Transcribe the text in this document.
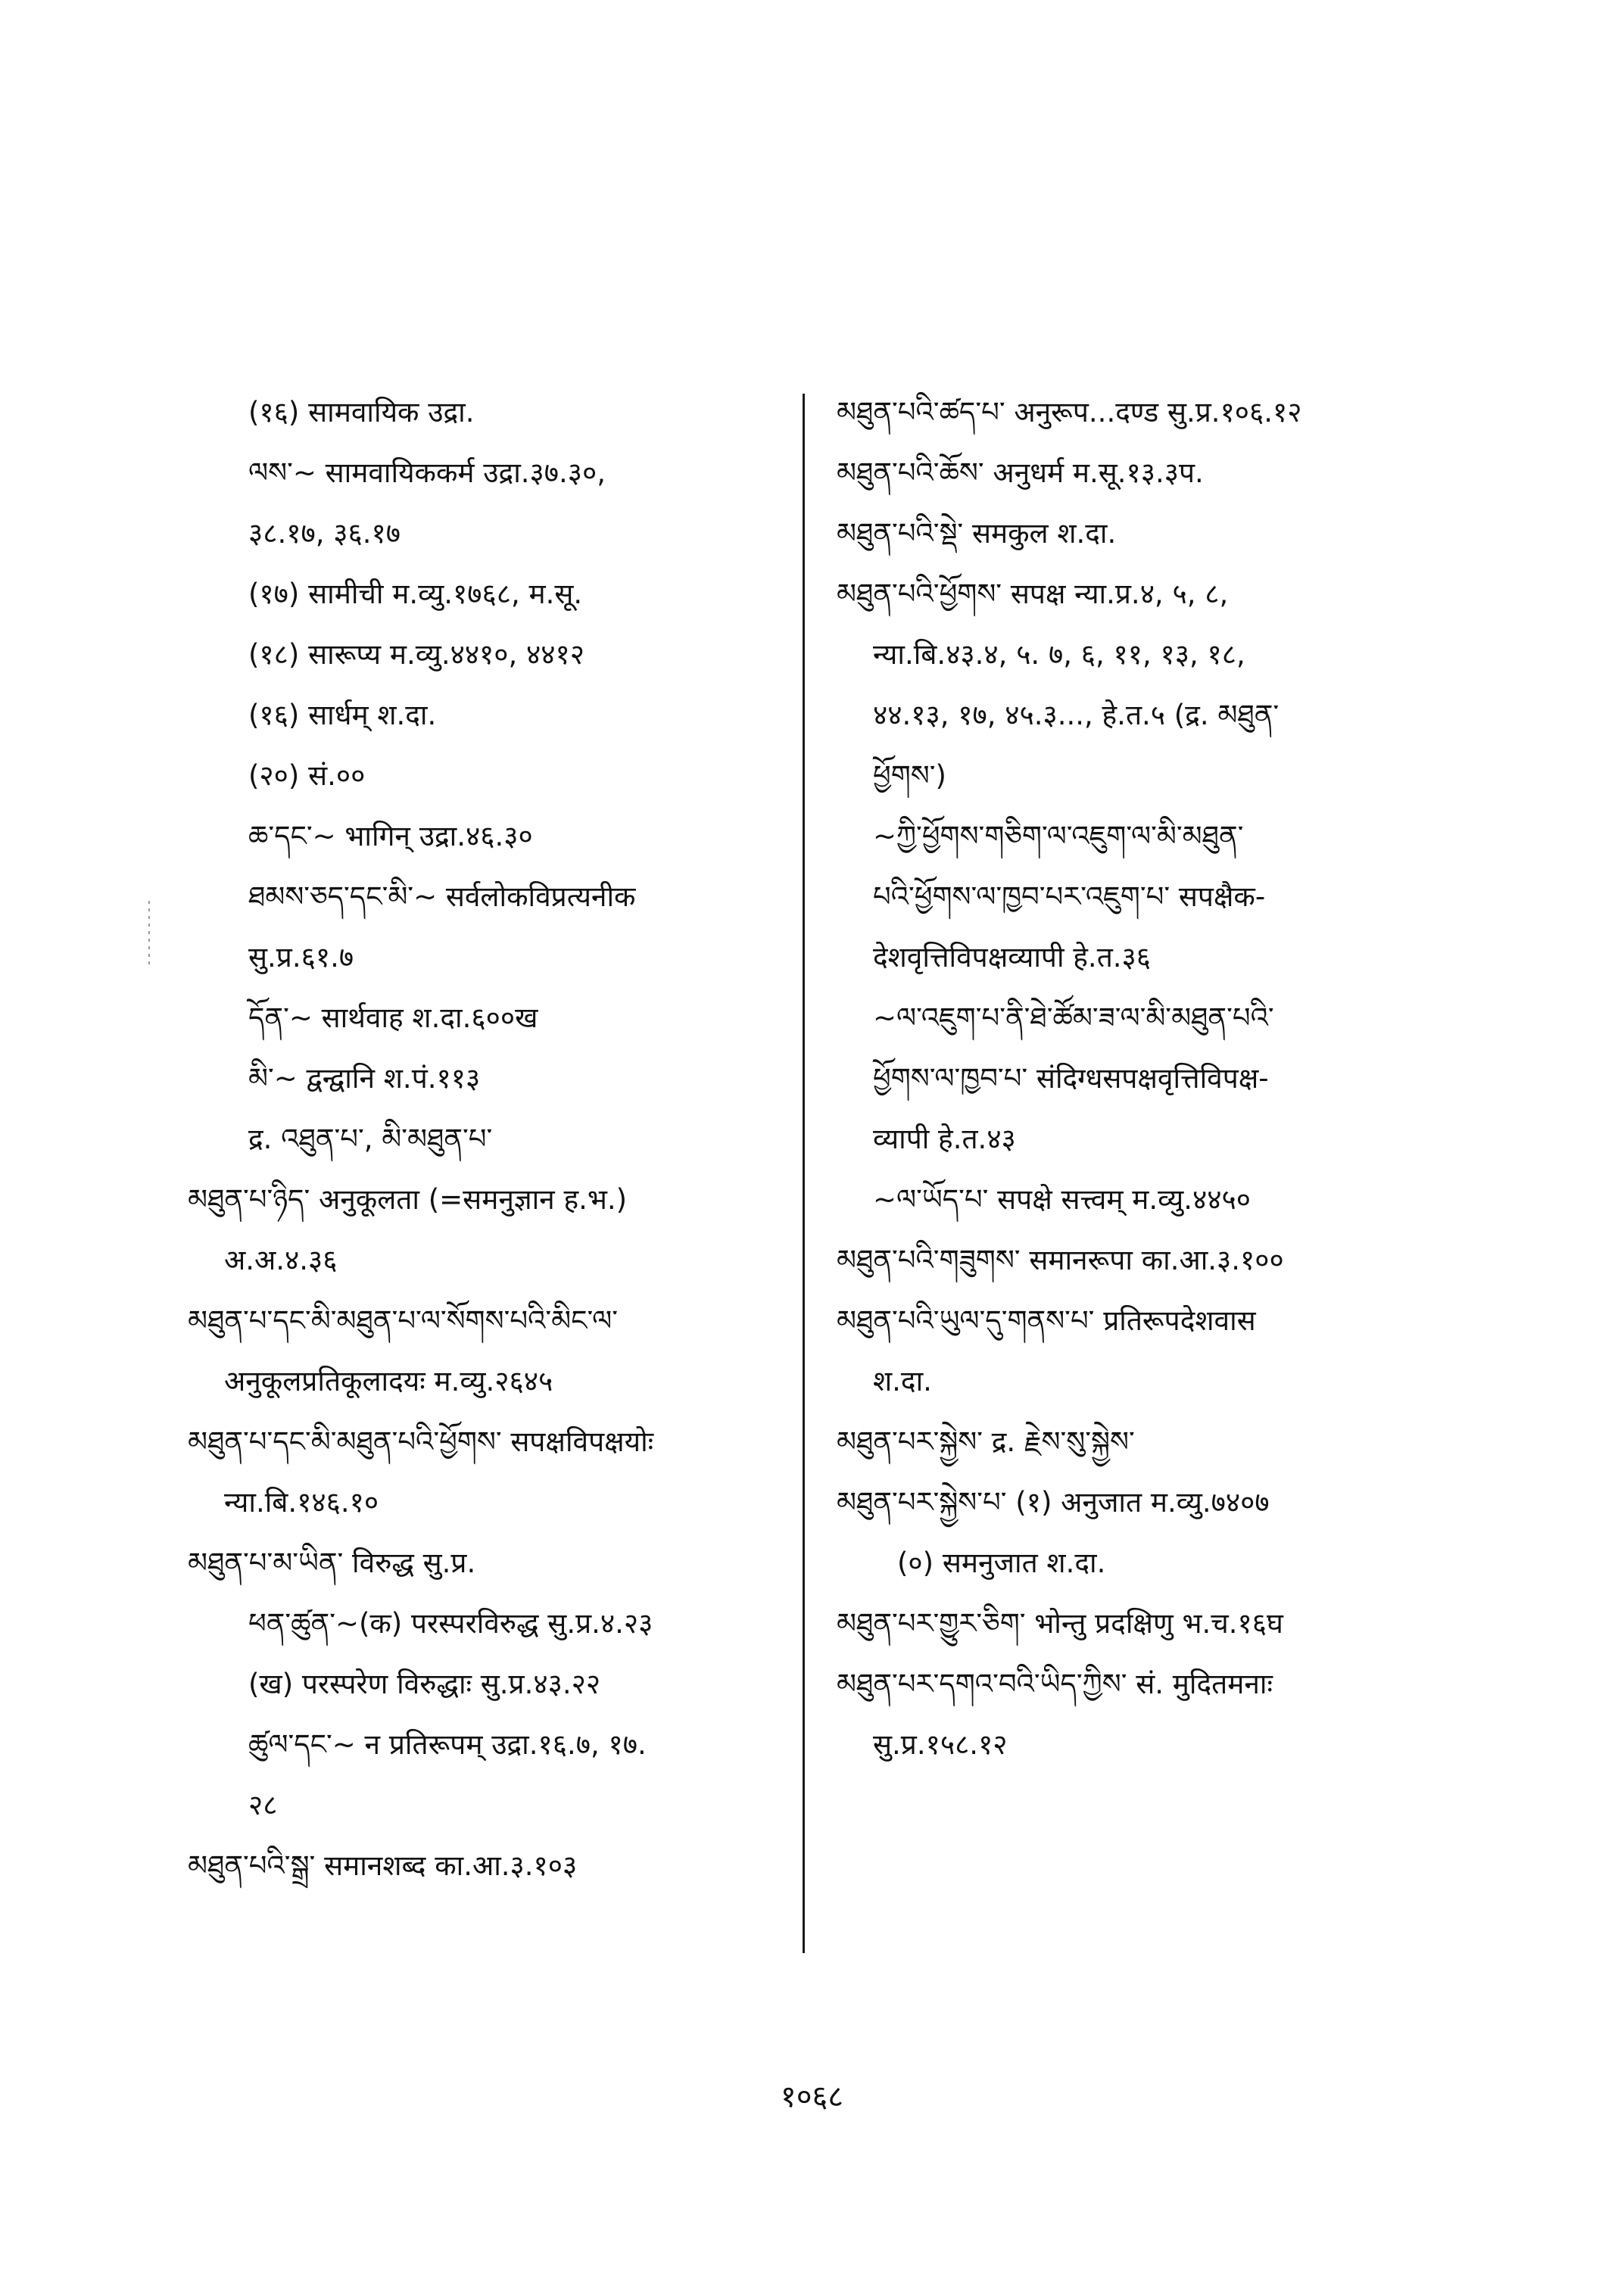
(१६) सामवायिक उद्रा.
ལས་~ सामवायिककर्म उद्रा.३७.३०,
३८.१७, ३६.१७
(१७) सामीची म.व्यु.१७६८, म.सू.
(१८) सारूप्य म.व्यु.४४१०, ४४१२
(१६) सार्धम् श.दा.
(२०) सं.००
ཆ་དང་~ भागिन् उद्रा.४६.३०
ཐམས་ཅད་དང་མི་~ सर्वलोकविप्रत्यनीक
सु.प्र.६१.७
དོན་~ सार्थवाह श.दा.६००ख
མི་~ द्वन्द्वानि श.पं.११३
द्र. འཐུན་པ་, མི་མཐུན་པ་
མཐུན་པ་ཉིད་ अनुकूलता (=समनुज्ञान ह.भ.)
अ.अ.४.३६
མཐུན་པ་དང་མི་མཐུན་པ་ལ་སོགས་པའི་མིང་ལ་
अनुकूलप्रतिकूलादयः म.व्यु.२६४५
མཐུན་པ་དང་མི་མཐུན་པའི་ཕྱོགས་ सपक्षविपक्षयोः
न्या.बि.१४६.१०
མཐུན་པ་མ་ཡིན་ विरुद्ध सु.प्र.
ཕན་ཚུན་~(क) परस्परविरुद्ध सु.प्र.४.२३
(ख) परस्परेण विरुद्धाः सु.प्र.४३.२२
ཚུལ་དང་~ न प्रतिरूपम् उद्रा.१६.७, १७.
२८
མཐུན་པའི་སྒྲ་ समानशब्द का.आ.३.१०३
མཐུན་པའི་ཚད་པ་ अनुरूप...दण्ड सु.प्र.१०६.१२
མཐུན་པའི་ཆོས་ अनुधर्म म.सू.१३.३प.
མཐུན་པའི་སྡེ་ समकुल श.दा.
མཐུན་པའི་ཕྱོགས་ सपक्ष न्या.प्र.४, ५, ८,
न्या.बि.४३.४, ५. ७, ६, ११, १३, १८,
४४.१३, १७, ४५.३..., हे.त.५ (द्र. མཐུན་
ཕྱོགས་)
~ཀྱི་ཕྱོགས་གཅིག་ལ་འཇུག་ལ་མི་མཐུན་
པའི་ཕྱོགས་ལ་ཁྱབ་པར་འཇུག་པ་ सपक्षैक-
देशवृत्तिविपक्षव्यापी हे.त.३६
~ལ་འཇུག་པ་ནི་ཐེ་ཚོམ་ཟ་ལ་མི་མཐུན་པའི་
ཕྱོགས་ལ་ཁྱབ་པ་ संदिग्धसपक्षवृत्तिविपक्ष-
व्यापी हे.त.४३
~ལ་ཡོད་པ་ सपक्षे सत्त्वम् म.व्यु.४४५०
མཐུན་པའི་གཟུགས་ समानरूपा का.आ.३.१००
མཐུན་པའི་ཡུལ་དུ་གནས་པ་ प्रतिरूपदेशवास
श.दा.
མཐུན་པར་སྐྱེས་ द्र. རྗེས་སུ་སྐྱེས་
མཐུན་པར་སྐྱེས་པ་ (१) अनुजात म.व्यु.७४०७
(०) समनुजात श.दा.
མཐུན་པར་གྱུར་ཅིག་ भोन्तु प्रदक्षिणु भ.च.१६घ
མཐུན་པར་དགའ་བའི་ཡིད་ཀྱིས་ सं. मुदितमनाः
सु.प्र.१५८.१२
१०६८
